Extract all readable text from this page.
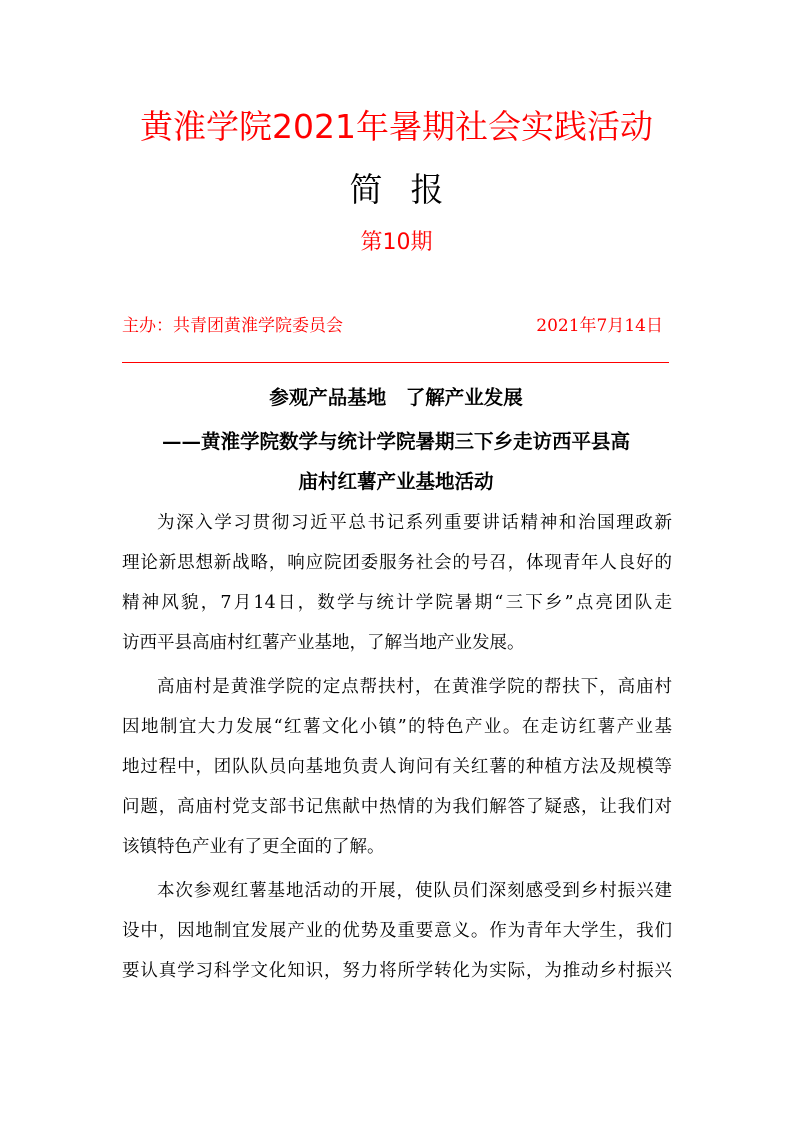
黄淮学院2021年暑期社会实践活动
简报
第10期
主办：共青团黄淮学院委员会	2021年7月14日
参观产品基地　了解产业发展
——黄淮学院数学与统计学院暑期三下乡走访西平县高
庙村红薯产业基地活动
为深入学习贯彻习近平总书记系列重要讲话精神和治国理政新
理论新思想新战略，响应院团委服务社会的号召，体现青年人良好的
精神风貌，7月14日，数学与统计学院暑期“三下乡”点亮团队走
访西平县高庙村红薯产业基地，了解当地产业发展。
高庙村是黄淮学院的定点帮扶村，在黄淮学院的帮扶下，高庙村
因地制宜大力发展“红薯文化小镇”的特色产业。在走访红薯产业基
地过程中，团队队员向基地负责人询问有关红薯的种植方法及规模等
问题，高庙村党支部书记焦献中热情的为我们解答了疑惑，让我们对
该镇特色产业有了更全面的了解。
本次参观红薯基地活动的开展，使队员们深刻感受到乡村振兴建
设中，因地制宜发展产业的优势及重要意义。作为青年大学生，我们
要认真学习科学文化知识，努力将所学转化为实际，为推动乡村振兴
